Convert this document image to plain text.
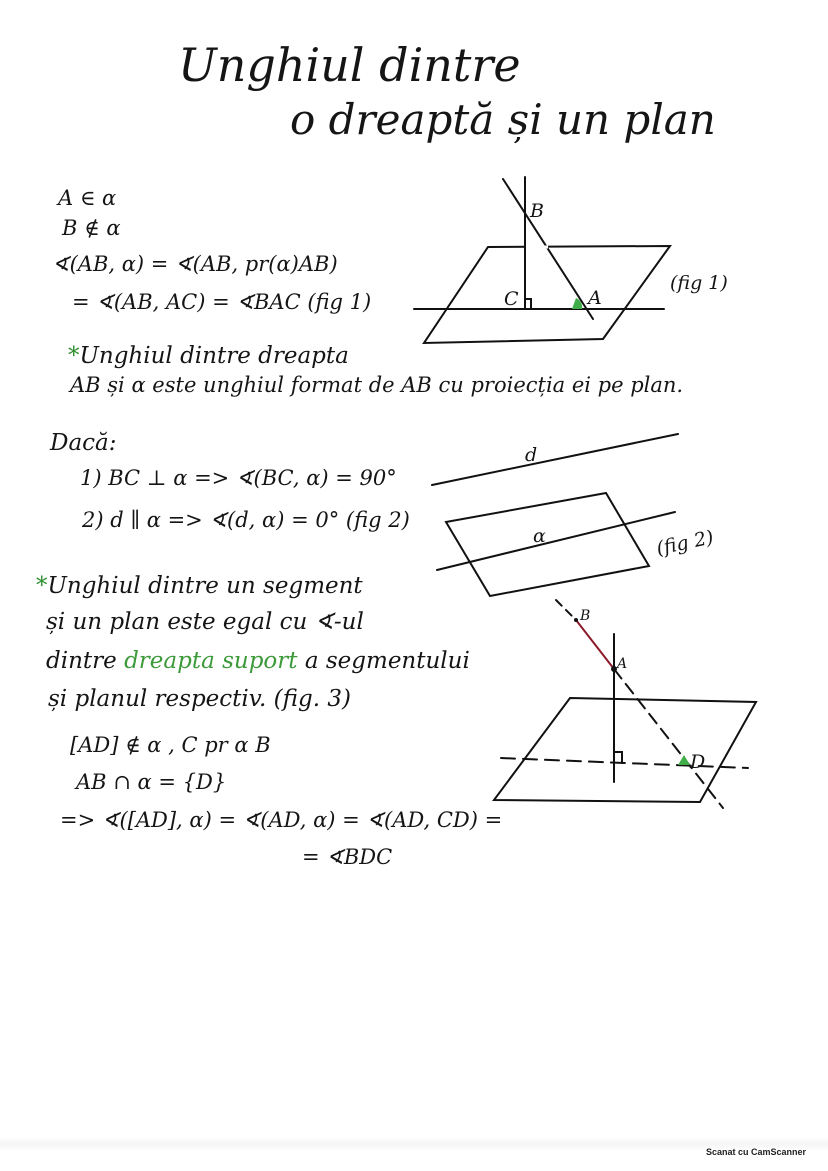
Unghiul dintre
o dreaptă și un plan
A ∈ α
B ∉ α
∢(AB, α) = ∢(AB, pr(α)AB)
= ∢(AB, AC) = ∢BAC (fig 1)
B
C	A
(fig 1)
*Unghiul dintre dreapta
AB și α este unghiul format de AB cu proiecția ei pe plan.
Dacă:
1) BC ⊥ α => ∢(BC, α) = 90°
2) d ∥ α => ∢(d, α) = 0° (fig 2)
d
α	(fig 2)
*Unghiul dintre un segment
și un plan este egal cu ∢-ul
dintre dreapta suport a segmentului
și planul respectiv. (fig. 3)
[AD] ∉ α , C pr α B
AB ∩ α = {D}
=> ∢([AD], α) = ∢(AD, α) = ∢(AD, CD) =
= ∢BDC
B
A
D
Scanat cu CamScanner
